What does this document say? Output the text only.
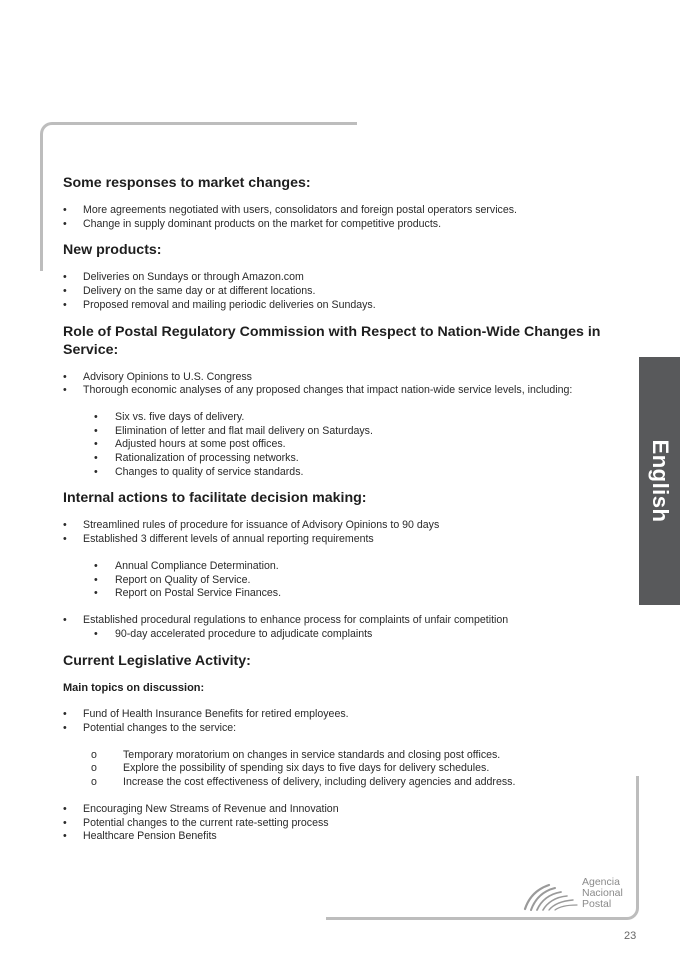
English
Some responses to market changes:
• More agreements negotiated with users, consolidators and foreign postal operators services.
• Change in supply dominant products on the market for competitive products.
New products:
• Deliveries on Sundays or through Amazon.com
• Delivery on the same day or at different locations.
• Proposed removal and mailing periodic deliveries on Sundays.
Role of Postal Regulatory Commission with Respect to Nation-Wide Changes in Service:
• Advisory Opinions to U.S. Congress
• Thorough economic analyses of any proposed changes that impact nation-wide service levels, including:
• Six vs. five days of delivery.
• Elimination of letter and flat mail delivery on Saturdays.
• Adjusted hours at some post offices.
• Rationalization of processing networks.
• Changes to quality of service standards.
Internal actions to facilitate decision making:
• Streamlined rules of procedure for issuance of Advisory Opinions to 90 days
• Established 3 different levels of annual reporting requirements
• Annual Compliance Determination.
• Report on Quality of Service.
• Report on Postal Service Finances.
• Established procedural regulations to enhance process for complaints of unfair competition
• 90-day accelerated procedure to adjudicate complaints
Current Legislative Activity:
Main topics on discussion:
• Fund of Health Insurance Benefits for retired employees.
• Potential changes to the service:
o Temporary moratorium on changes in service standards and closing post offices.
o Explore the possibility of spending six days to five days for delivery schedules.
o Increase the cost effectiveness of delivery, including delivery agencies and address.
• Encouraging New Streams of Revenue and Innovation
• Potential changes to the current rate-setting process
• Healthcare Pension Benefits
Agencia
Nacional
Postal
23
